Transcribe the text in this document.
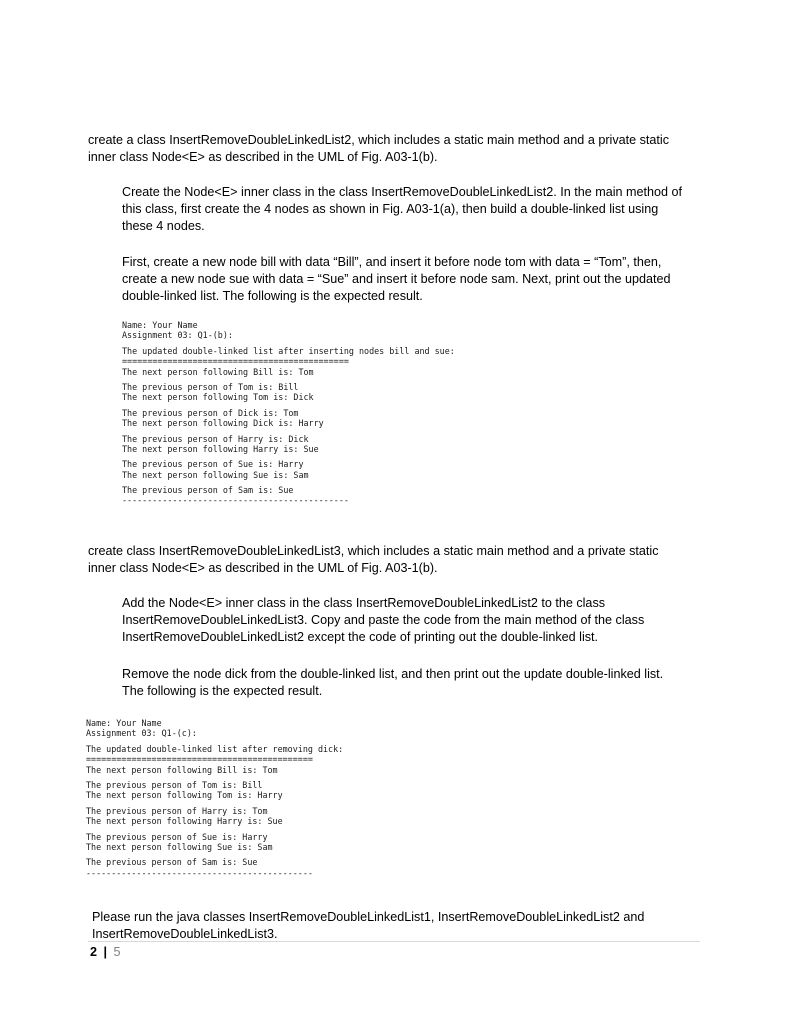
create a class InsertRemoveDoubleLinkedList2, which includes a static main method and a private static
inner class Node<E> as described in the UML of Fig. A03-1(b).
Create the Node<E> inner class in the class InsertRemoveDoubleLinkedList2. In the main method of
this class, first create the 4 nodes as shown in Fig. A03-1(a), then build a double-linked list using
these 4 nodes.
First, create a new node bill with data “Bill”, and insert it before node tom with data = “Tom”, then,
create a new node sue with data = “Sue” and insert it before node sam. Next, print out the updated
double-linked list. The following is the expected result.
Name: Your Name
Assignment 03: Q1-(b):
The updated double-linked list after inserting nodes bill and sue:
=============================================
The next person following Bill is: Tom
The previous person of Tom is: Bill
The next person following Tom is: Dick
The previous person of Dick is: Tom
The next person following Dick is: Harry
The previous person of Harry is: Dick
The next person following Harry is: Sue
The previous person of Sue is: Harry
The next person following Sue is: Sam
The previous person of Sam is: Sue
---------------------------------------------
create class InsertRemoveDoubleLinkedList3, which includes a static main method and a private static
inner class Node<E> as described in the UML of Fig. A03-1(b).
Add the Node<E> inner class in the class InsertRemoveDoubleLinkedList2 to the class
InsertRemoveDoubleLinkedList3. Copy and paste the code from the main method of the class
InsertRemoveDoubleLinkedList2 except the code of printing out the double-linked list.
Remove the node dick from the double-linked list, and then print out the update double-linked list.
The following is the expected result.
Name: Your Name
Assignment 03: Q1-(c):
The updated double-linked list after removing dick:
=============================================
The next person following Bill is: Tom
The previous person of Tom is: Bill
The next person following Tom is: Harry
The previous person of Harry is: Tom
The next person following Harry is: Sue
The previous person of Sue is: Harry
The next person following Sue is: Sam
The previous person of Sam is: Sue
---------------------------------------------
Please run the java classes InsertRemoveDoubleLinkedList1, InsertRemoveDoubleLinkedList2 and
InsertRemoveDoubleLinkedList3.
2 | 5
